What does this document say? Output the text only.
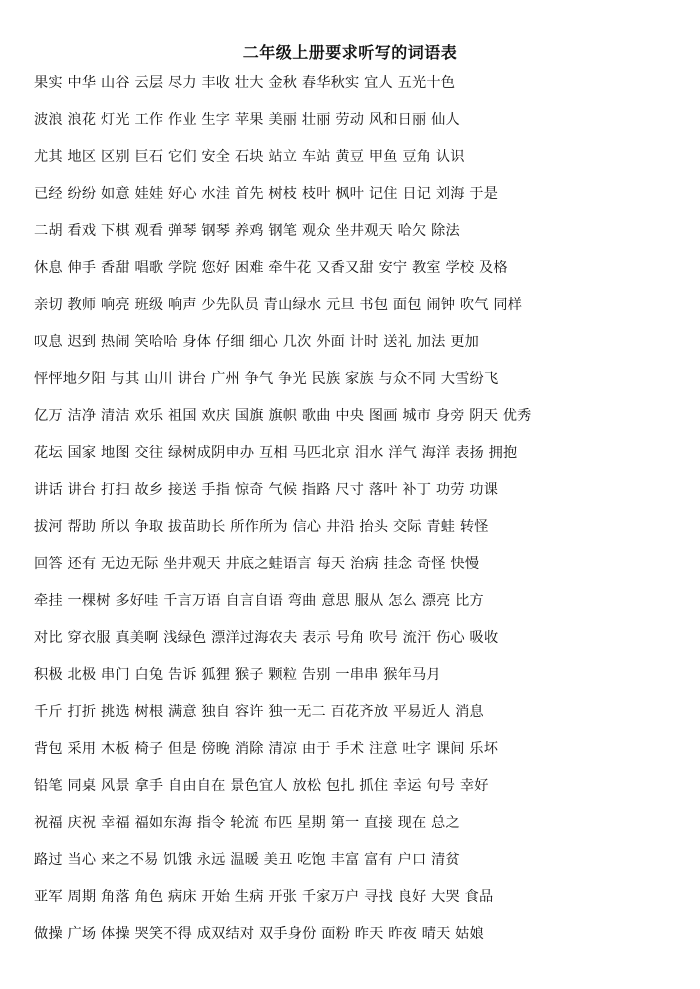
二年级上册要求听写的词语表
果实 中华 山谷 云层 尽力 丰收 壮大 金秋 春华秋实 宜人 五光十色
波浪 浪花 灯光 工作 作业 生字 苹果 美丽 壮丽 劳动 风和日丽 仙人
尤其 地区 区别 巨石 它们 安全 石块 站立 车站 黄豆 甲鱼 豆角 认识
已经 纷纷 如意 娃娃 好心 水洼 首先 树枝 枝叶 枫叶 记住 日记 刘海 于是
二胡 看戏 下棋 观看 弹琴 钢琴 养鸡 钢笔 观众 坐井观天 哈欠 除法
休息 伸手 香甜 唱歌 学院 您好 困难 牵牛花 又香又甜 安宁 教室 学校 及格
亲切 教师 响亮 班级 响声 少先队员 青山绿水 元旦 书包 面包 闹钟 吹气 同样
叹息 迟到 热闹 笑哈哈 身体 仔细 细心 几次 外面 计时 送礼 加法 更加
怦怦地夕阳 与其 山川 讲台 广州 争气 争光 民族 家族 与众不同 大雪纷飞
亿万 洁净 清洁 欢乐 祖国 欢庆 国旗 旗帜 歌曲 中央 图画 城市 身旁 阴天 优秀
花坛 国家 地图 交往 绿树成阴申办 互相 马匹北京 泪水 洋气 海洋 表扬 拥抱
讲话 讲台 打扫 故乡 接送 手指 惊奇 气候 指路 尺寸 落叶 补丁 功劳 功课
拔河 帮助 所以 争取 拔苗助长 所作所为 信心 井沿 抬头 交际 青蛙 转怪
回答 还有 无边无际 坐井观天 井底之蛙语言 每天 治病 挂念 奇怪 快慢
牵挂 一棵树 多好哇 千言万语 自言自语 弯曲 意思 服从 怎么 漂亮 比方
对比 穿衣服 真美啊 浅绿色 漂洋过海农夫 表示 号角 吹号 流汗 伤心 吸收
积极 北极 串门 白兔 告诉 狐狸 猴子 颗粒 告别 一串串 猴年马月
千斤 打折 挑选 树根 满意 独自 容许 独一无二 百花齐放 平易近人 消息
背包 采用 木板 椅子 但是 傍晚 消除 清凉 由于 手术 注意 吐字 课间 乐坏
铅笔 同桌 风景 拿手 自由自在 景色宜人 放松 包扎 抓住 幸运 句号 幸好
祝福 庆祝 幸福 福如东海 指令 轮流 布匹 星期 第一 直接 现在 总之
路过 当心 来之不易 饥饿 永远 温暖 美丑 吃饱 丰富 富有 户口 清贫
亚军 周期 角落 角色 病床 开始 生病 开张 千家万户 寻找 良好 大哭 食品
做操 广场 体操 哭笑不得 成双结对 双手身份 面粉 昨天 昨夜 晴天 姑娘
